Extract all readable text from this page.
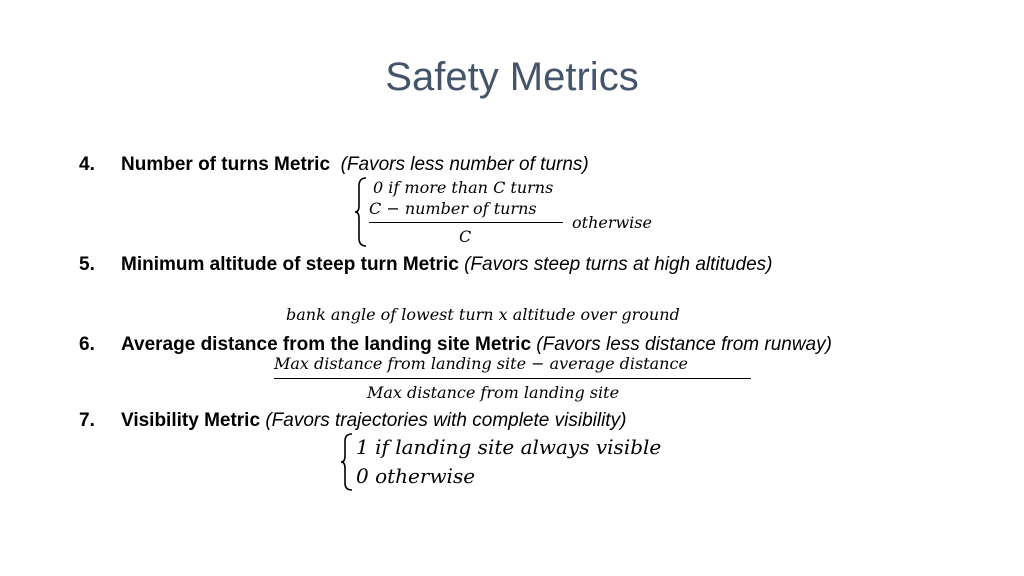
Safety Metrics
4. Number of turns Metric (Favors less number of turns)
0 if more than C turns
C − number of turns
C
otherwise
5. Minimum altitude of steep turn Metric (Favors steep turns at high altitudes)
bank angle of lowest turn x altitude over ground
6. Average distance from the landing site Metric (Favors less distance from runway)
Max distance from landing site − average distance
Max distance from landing site
7. Visibility Metric (Favors trajectories with complete visibility)
1 if landing site always visible
0 otherwise
